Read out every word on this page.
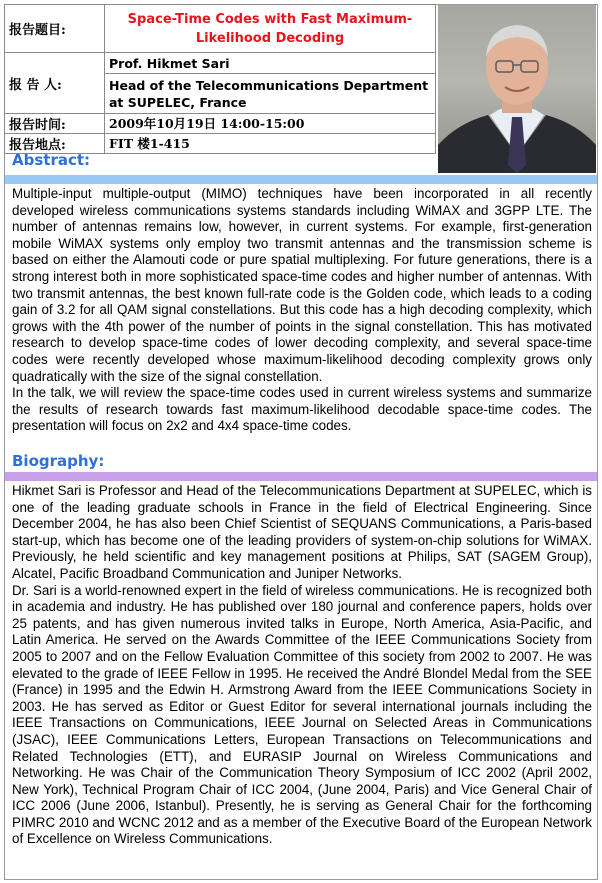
报告题目:	Space-Time Codes with Fast Maximum-Likelihood Decoding
报 告 人:	Prof. Hikmet Sari
	Head of the Telecommunications Department at SUPELEC, France
报告时间:	2009年10月19日 14:00-15:00
报告地点:	FIT 楼1-415
Abstract:

Multiple-input multiple-output (MIMO) techniques have been incorporated in all recently developed wireless communications systems standards including WiMAX and 3GPP LTE. The number of antennas remains low, however, in current systems. For example, first-generation mobile WiMAX systems only employ two transmit antennas and the transmission scheme is based on either the Alamouti code or pure spatial multiplexing. For future generations, there is a strong interest both in more sophisticated space-time codes and higher number of antennas. With two transmit antennas, the best known full-rate code is the Golden code, which leads to a coding gain of 3.2 for all QAM signal constellations. But this code has a high decoding complexity, which grows with the 4th power of the number of points in the signal constellation. This has motivated research to develop space-time codes of lower decoding complexity, and several space-time codes were recently developed whose maximum-likelihood decoding complexity grows only quadratically with the size of the signal constellation.

In the talk, we will review the space-time codes used in current wireless systems and summarize the results of research towards fast maximum-likelihood decodable space-time codes. The presentation will focus on 2x2 and 4x4 space-time codes.

Biography:

Hikmet Sari is Professor and Head of the Telecommunications Department at SUPELEC, which is one of the leading graduate schools in France in the field of Electrical Engineering. Since December 2004, he has also been Chief Scientist of SEQUANS Communications, a Paris-based start-up, which has become one of the leading providers of system-on-chip solutions for WiMAX. Previously, he held scientific and key management positions at Philips, SAT (SAGEM Group), Alcatel, Pacific Broadband Communication and Juniper Networks.

Dr. Sari is a world-renowned expert in the field of wireless communications. He is recognized both in academia and industry. He has published over 180 journal and conference papers, holds over 25 patents, and has given numerous invited talks in Europe, North America, Asia-Pacific, and Latin America. He served on the Awards Committee of the IEEE Communications Society from 2005 to 2007 and on the Fellow Evaluation Committee of this society from 2002 to 2007. He was elevated to the grade of IEEE Fellow in 1995. He received the André Blondel Medal from the SEE (France) in 1995 and the Edwin H. Armstrong Award from the IEEE Communications Society in 2003. He has served as Editor or Guest Editor for several international journals including the IEEE Transactions on Communications, IEEE Journal on Selected Areas in Communications (JSAC), IEEE Communications Letters, European Transactions on Telecommunications and Related Technologies (ETT), and EURASIP Journal on Wireless Communications and Networking. He was Chair of the Communication Theory Symposium of ICC 2002 (April 2002, New York), Technical Program Chair of ICC 2004, (June 2004, Paris) and Vice General Chair of ICC 2006 (June 2006, Istanbul). Presently, he is serving as General Chair for the forthcoming PIMRC 2010 and WCNC 2012 and as a member of the Executive Board of the European Network of Excellence on Wireless Communications.
